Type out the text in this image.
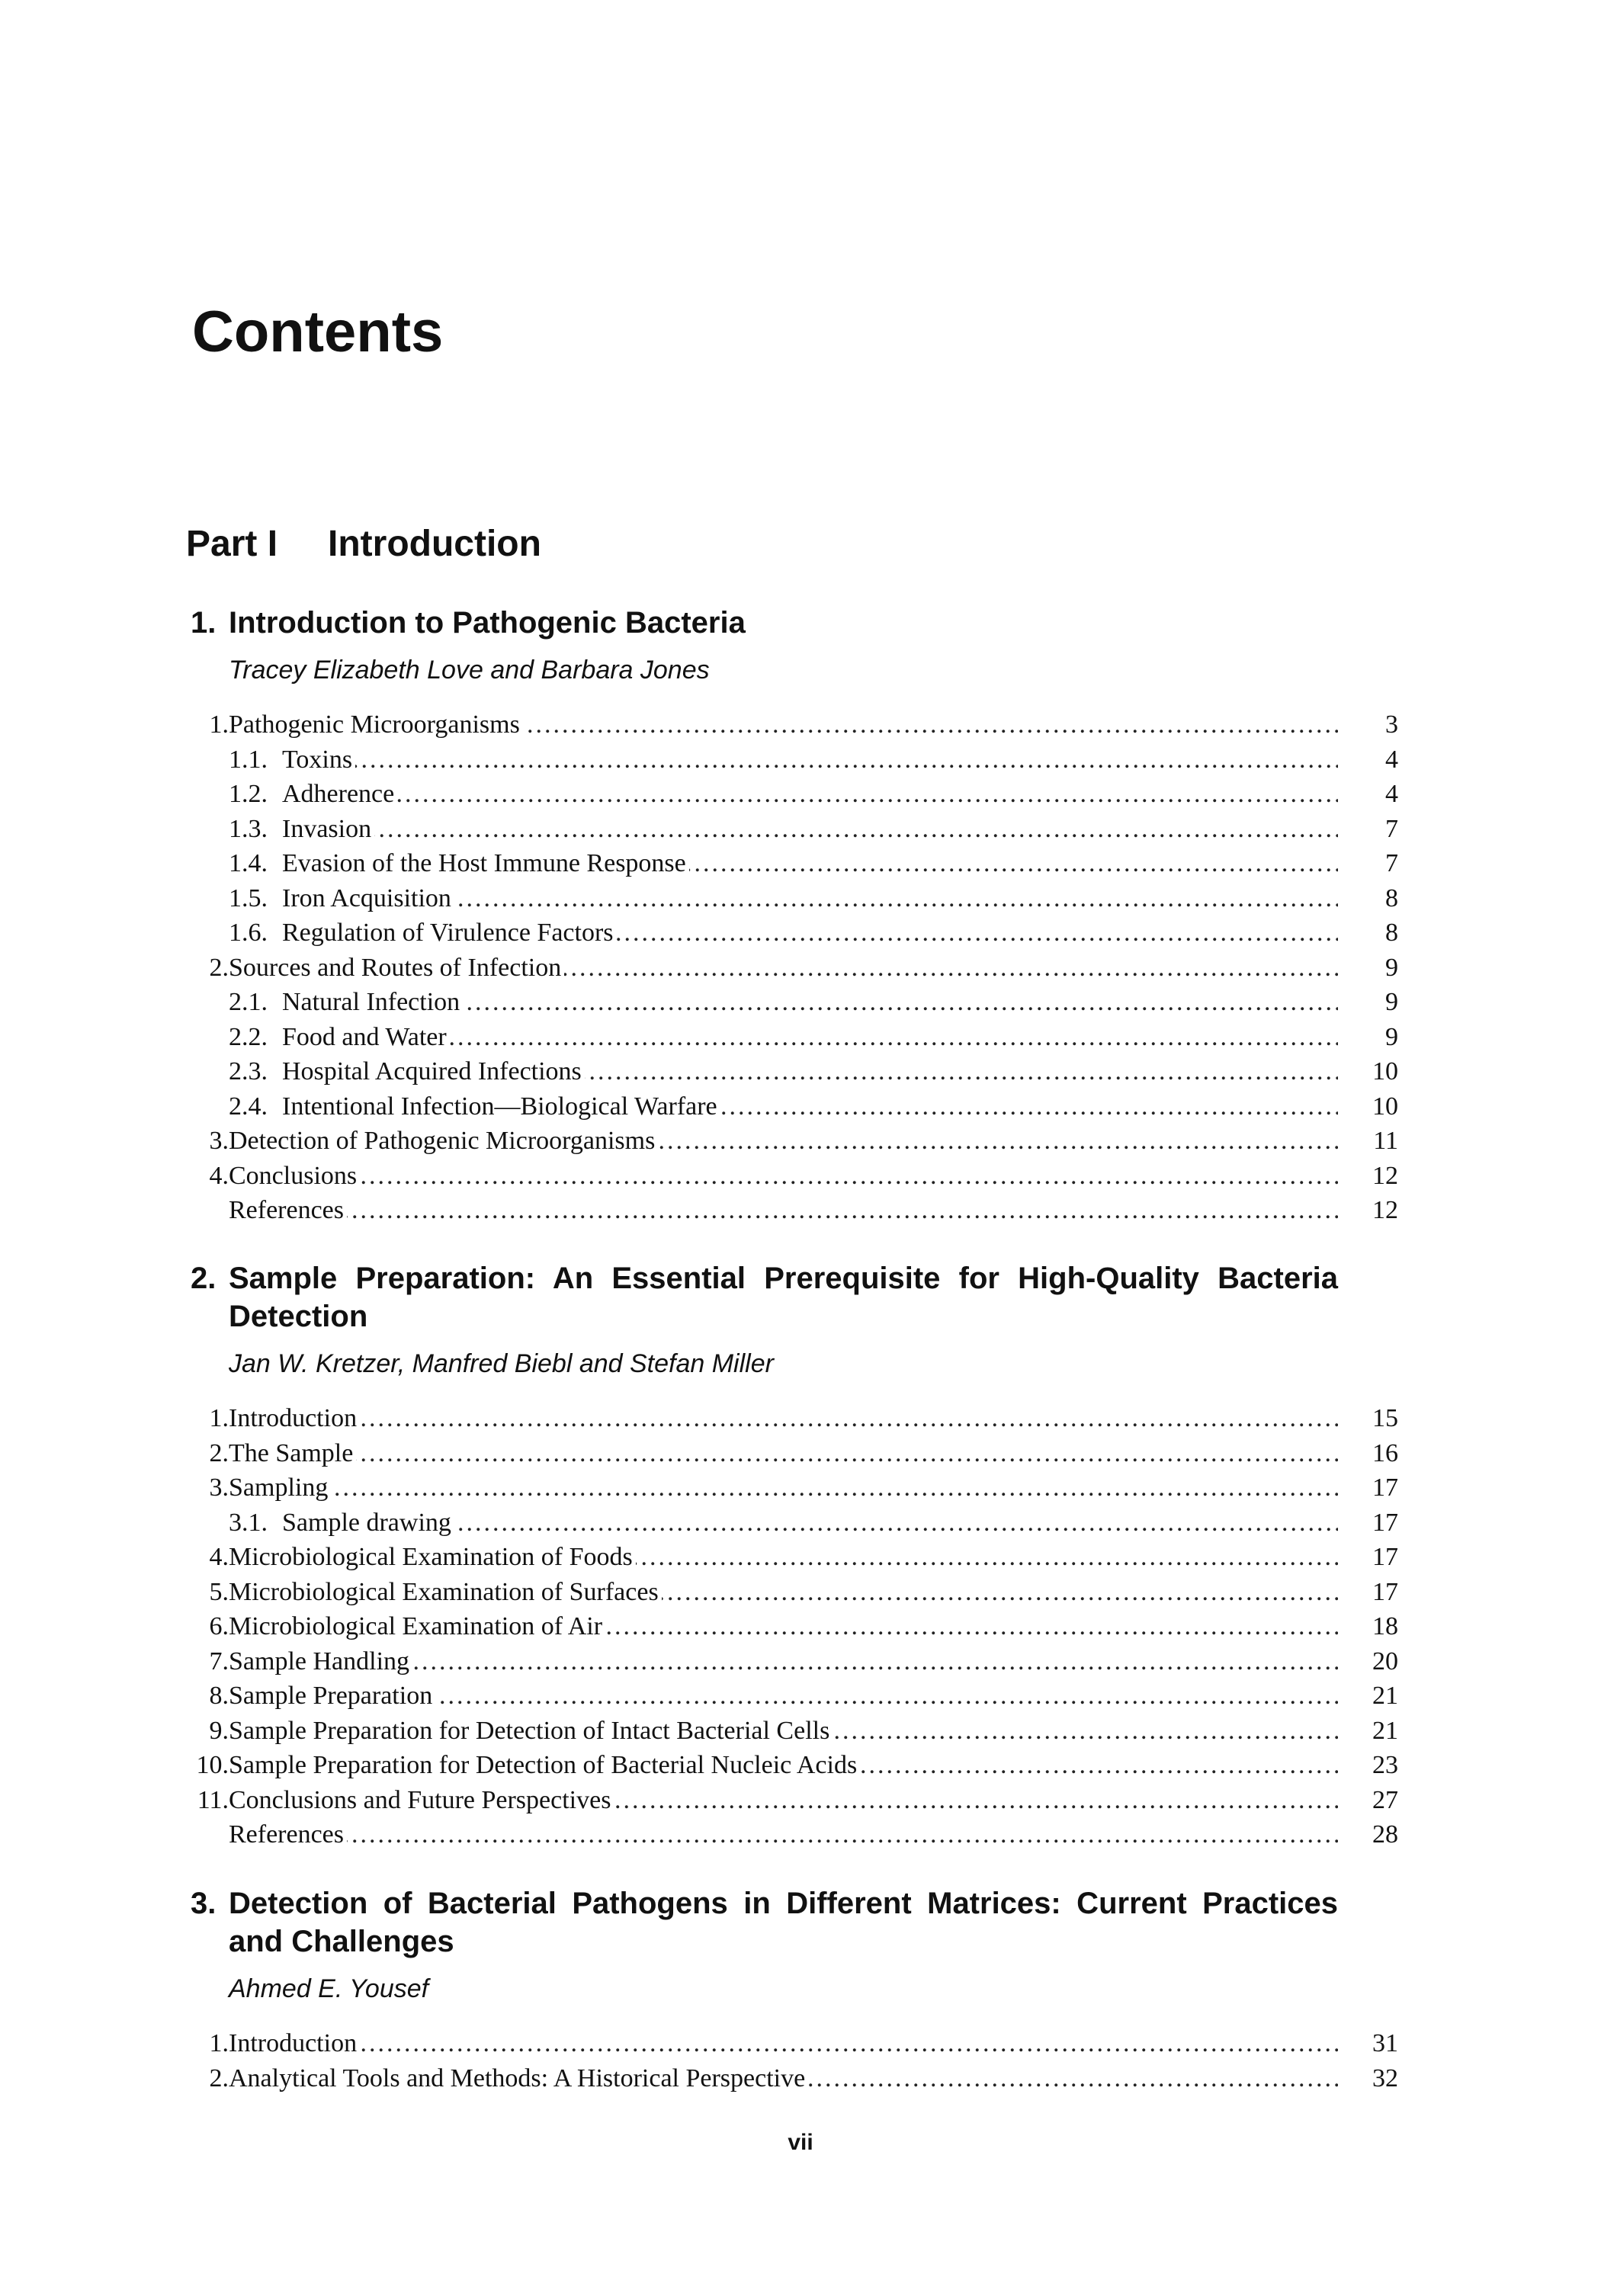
Contents
Part I Introduction
1. Introduction to Pathogenic Bacteria

Tracey Elizabeth Love and Barbara Jones

1. Pathogenic Microorganisms .....	3
1.1. Toxins .....	4
1.2. Adherence .....	4
1.3. Invasion .....	7
1.4. Evasion of the Host Immune Response .....	7
1.5. Iron Acquisition .....	8
1.6. Regulation of Virulence Factors .....	8
2. Sources and Routes of Infection .....	9
2.1. Natural Infection .....	9
2.2. Food and Water .....	9
2.3. Hospital Acquired Infections .....	10
2.4. Intentional Infection—Biological Warfare .....	10
3. Detection of Pathogenic Microorganisms .....	11
4. Conclusions .....	12
References .....	12
2. Sample Preparation: An Essential Prerequisite for High-Quality Bacteria Detection

Jan W. Kretzer, Manfred Biebl and Stefan Miller

1. Introduction .....	15
2. The Sample .....	16
3. Sampling .....	17
3.1. Sample drawing .....	17
4. Microbiological Examination of Foods .....	17
5. Microbiological Examination of Surfaces .....	17
6. Microbiological Examination of Air .....	18
7. Sample Handling .....	20
8. Sample Preparation .....	21
9. Sample Preparation for Detection of Intact Bacterial Cells .....	21
10. Sample Preparation for Detection of Bacterial Nucleic Acids .....	23
11. Conclusions and Future Perspectives .....	27
References .....	28
3. Detection of Bacterial Pathogens in Different Matrices: Current Practices and Challenges

Ahmed E. Yousef

1. Introduction .....	31
2. Analytical Tools and Methods: A Historical Perspective .....	32
vii
